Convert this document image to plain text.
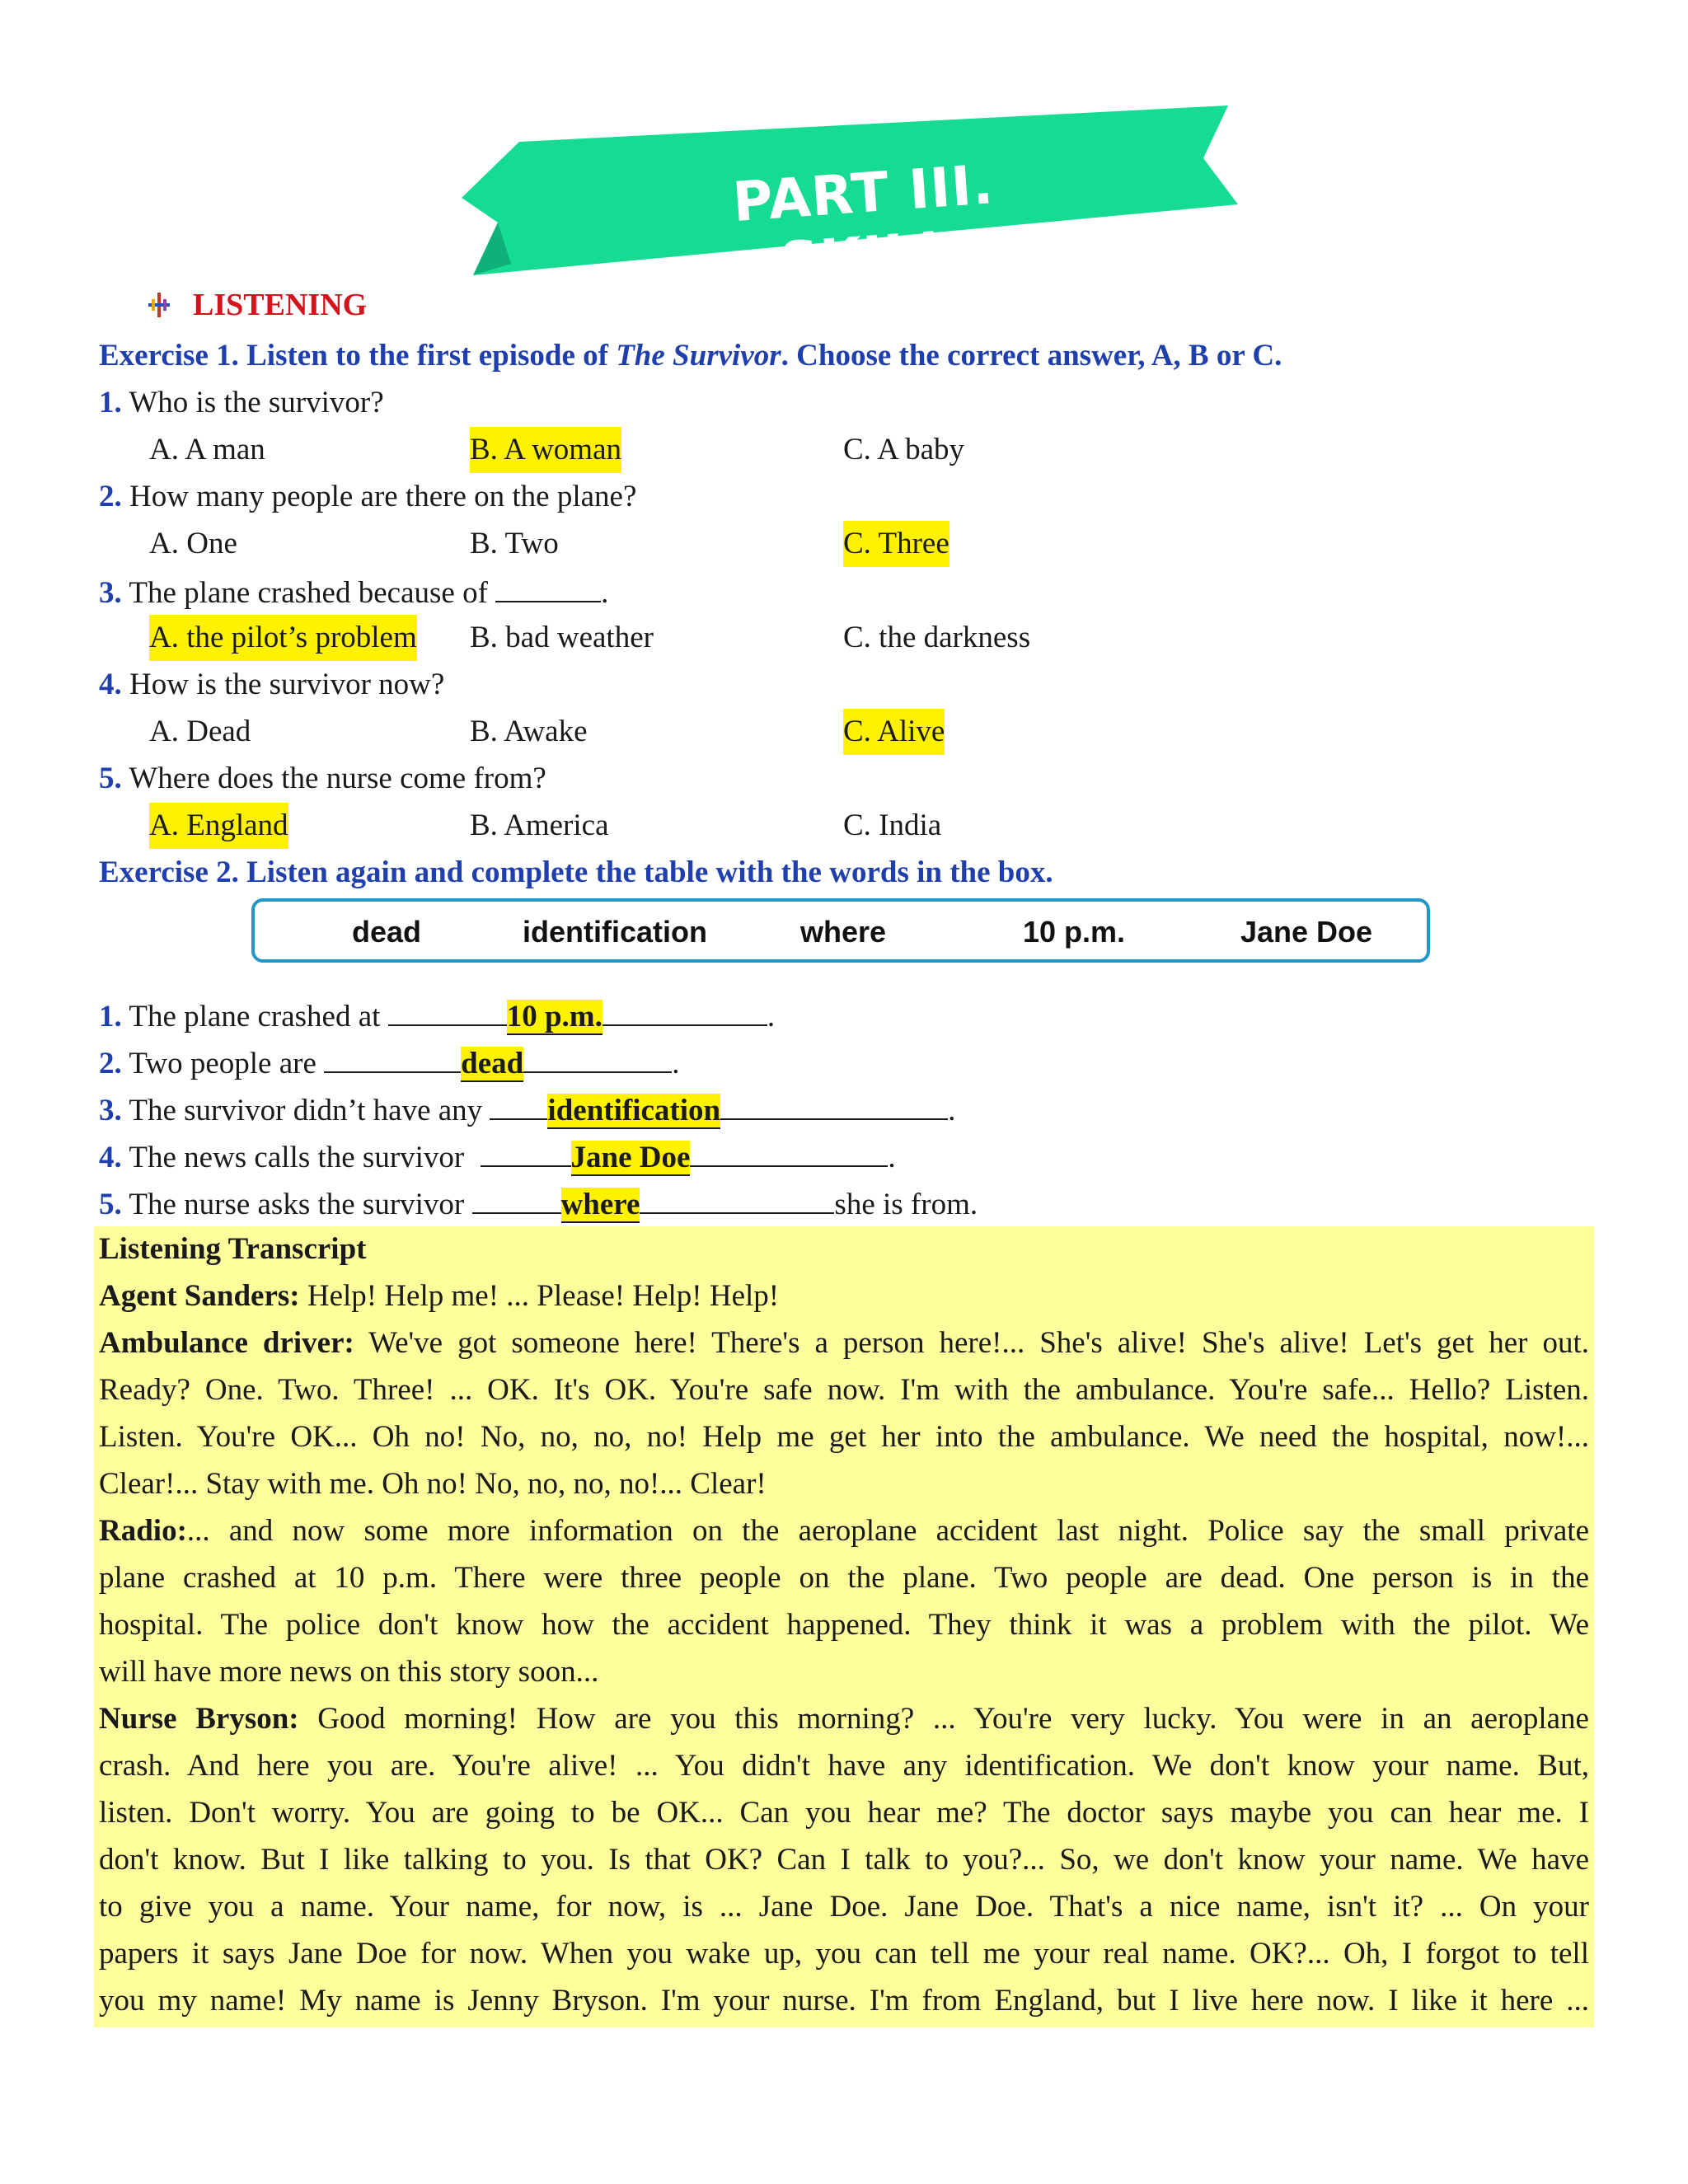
PART III. SKILL
LISTENING
Exercise 1. Listen to the first episode of The Survivor. Choose the correct answer, A, B or C.
1. Who is the survivor?
A. A man	B. A woman	C. A baby
2. How many people are there on the plane?
A. One	B. Two	C. Three
3. The plane crashed because of	.
A. the pilot’s problem B. bad weather	C. the darkness
4. How is the survivor now?
A. Dead	B. Awake	C. Alive
5. Where does the nurse come from?
A. England	B. America	C. India
Exercise 2. Listen again and complete the table with the words in the box.
dead	identification	where	10 p.m.	Jane Doe
1. The plane crashed at	10 p.m.	.
2. Two people are	dead	.
3. The survivor didn’t have any identification	.
4. The news calls the survivor	Jane Doe	.
5. The nurse asks the survivor	where	she is from.
Listening Transcript
Agent Sanders: Help! Help me! ... Please! Help! Help!
Ambulance driver: We've got someone here! There's a person here!... She's alive! She's alive! Let's get her out.
Ready? One. Two. Three! ... OK. It's OK. You're safe now. I'm with the ambulance. You're safe... Hello? Listen.
Listen. You're OK... Oh no! No, no, no, no! Help me get her into the ambulance. We need the hospital, now!...
Clear!... Stay with me. Oh no! No, no, no, no!... Clear!
Radio:... and now some more information on the aeroplane accident last night. Police say the small private
plane crashed at 10 p.m. There were three people on the plane. Two people are dead. One person is in the
hospital. The police don't know how the accident happened. They think it was a problem with the pilot. We
will have more news on this story soon...
Nurse Bryson: Good morning! How are you this morning? ... You're very lucky. You were in an aeroplane
crash. And here you are. You're alive! ... You didn't have any identification. We don't know your name. But,
listen. Don't worry. You are going to be OK... Can you hear me? The doctor says maybe you can hear me. I
don't know. But I like talking to you. Is that OK? Can I talk to you?... So, we don't know your name. We have
to give you a name. Your name, for now, is ... Jane Doe. Jane Doe. That's a nice name, isn't it? ... On your
papers it says Jane Doe for now. When you wake up, you can tell me your real name. OK?... Oh, I forgot to tell
you my name! My name is Jenny Bryson. I'm your nurse. I'm from England, but I live here now. I like it here ...
